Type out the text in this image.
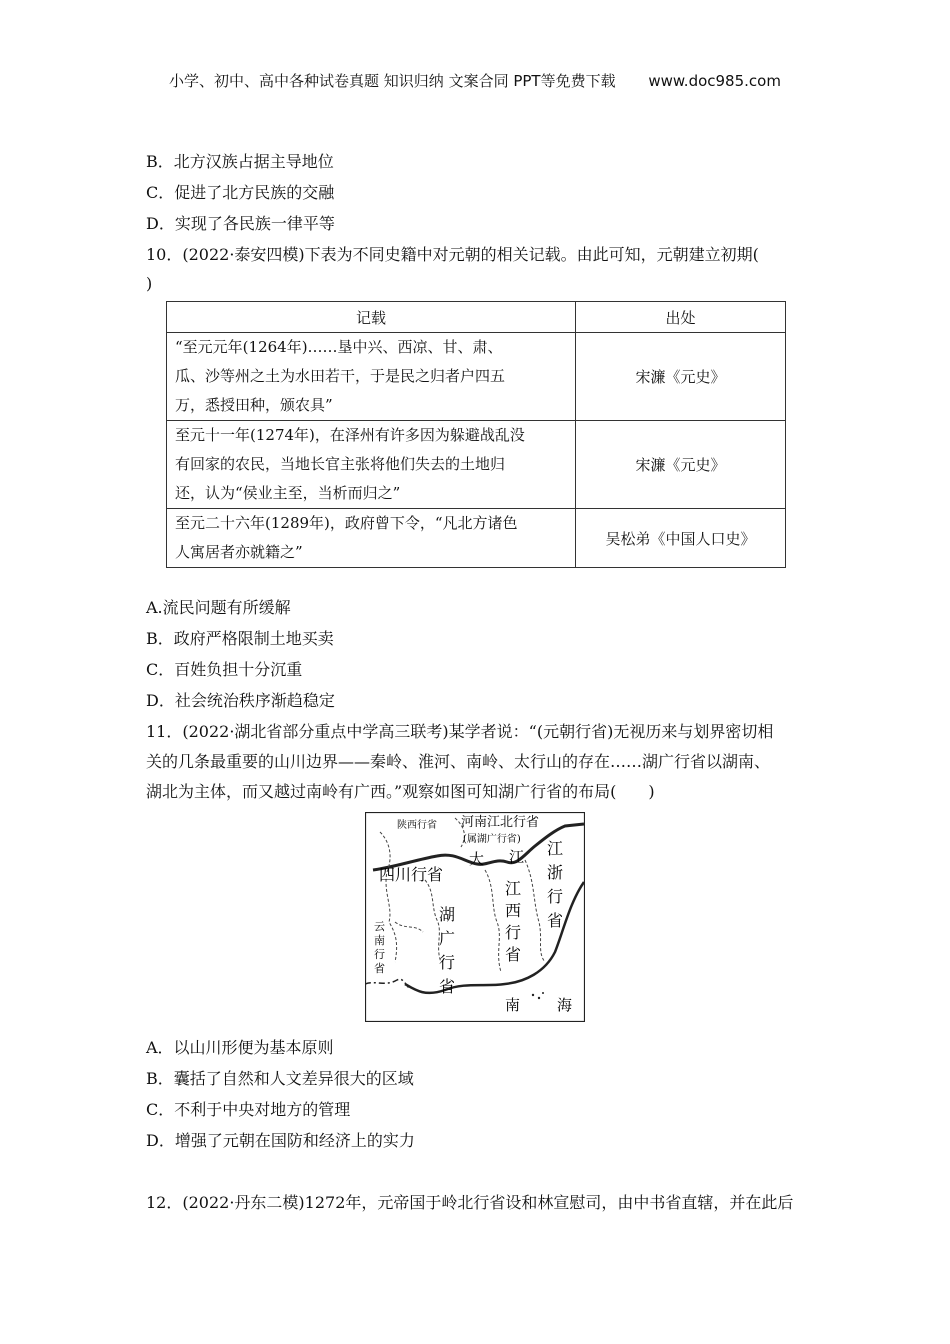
小学、初中、高中各种试卷真题 知识归纳 文案合同 PPT等免费下载 www.doc985.com
B．北方汉族占据主导地位
C．促进了北方民族的交融
D．实现了各民族一律平等
10．(2022·泰安四模)下表为不同史籍中对元朝的相关记载。由此可知，元朝建立初期(
)
记载	出处

“至元元年(1264年)……垦中兴、西凉、甘、肃、
瓜、沙等州之土为水田若干，于是民之归者户四五
万，悉授田种，颁农具”	宋濂《元史》

至元十一年(1274年)，在泽州有许多因为躲避战乱没
有回家的农民，当地长官主张将他们失去的土地归
还，认为“侯业主至，当析而归之”	宋濂《元史》

至元二十六年(1289年)，政府曾下令，“凡北方诸色
人寓居者亦就籍之”	吴松弟《中国人口史》
A.流民问题有所缓解
B．政府严格限制土地买卖
C．百姓负担十分沉重
D．社会统治秩序渐趋稳定
11．(2022·湖北省部分重点中学高三联考)某学者说：“(元朝行省)无视历来与划界密切相
关的几条最重要的山川边界——秦岭、淮河、南岭、太行山的存在……湖广行省以湖南、
湖北为主体，而又越过南岭有广西。”观察如图可知湖广行省的布局(　　)
陕西行省 河南江北行省
(属湖广行省)
大 江
四川行省
江
浙
行
省
江
西
行
省
湖
广
行
省
云
南
行
省
南 海
A．以山川形便为基本原则
B．囊括了自然和人文差异很大的区域
C．不利于中央对地方的管理
D．增强了元朝在国防和经济上的实力
12．(2022·丹东二模)1272年，元帝国于岭北行省设和林宣慰司，由中书省直辖，并在此后
